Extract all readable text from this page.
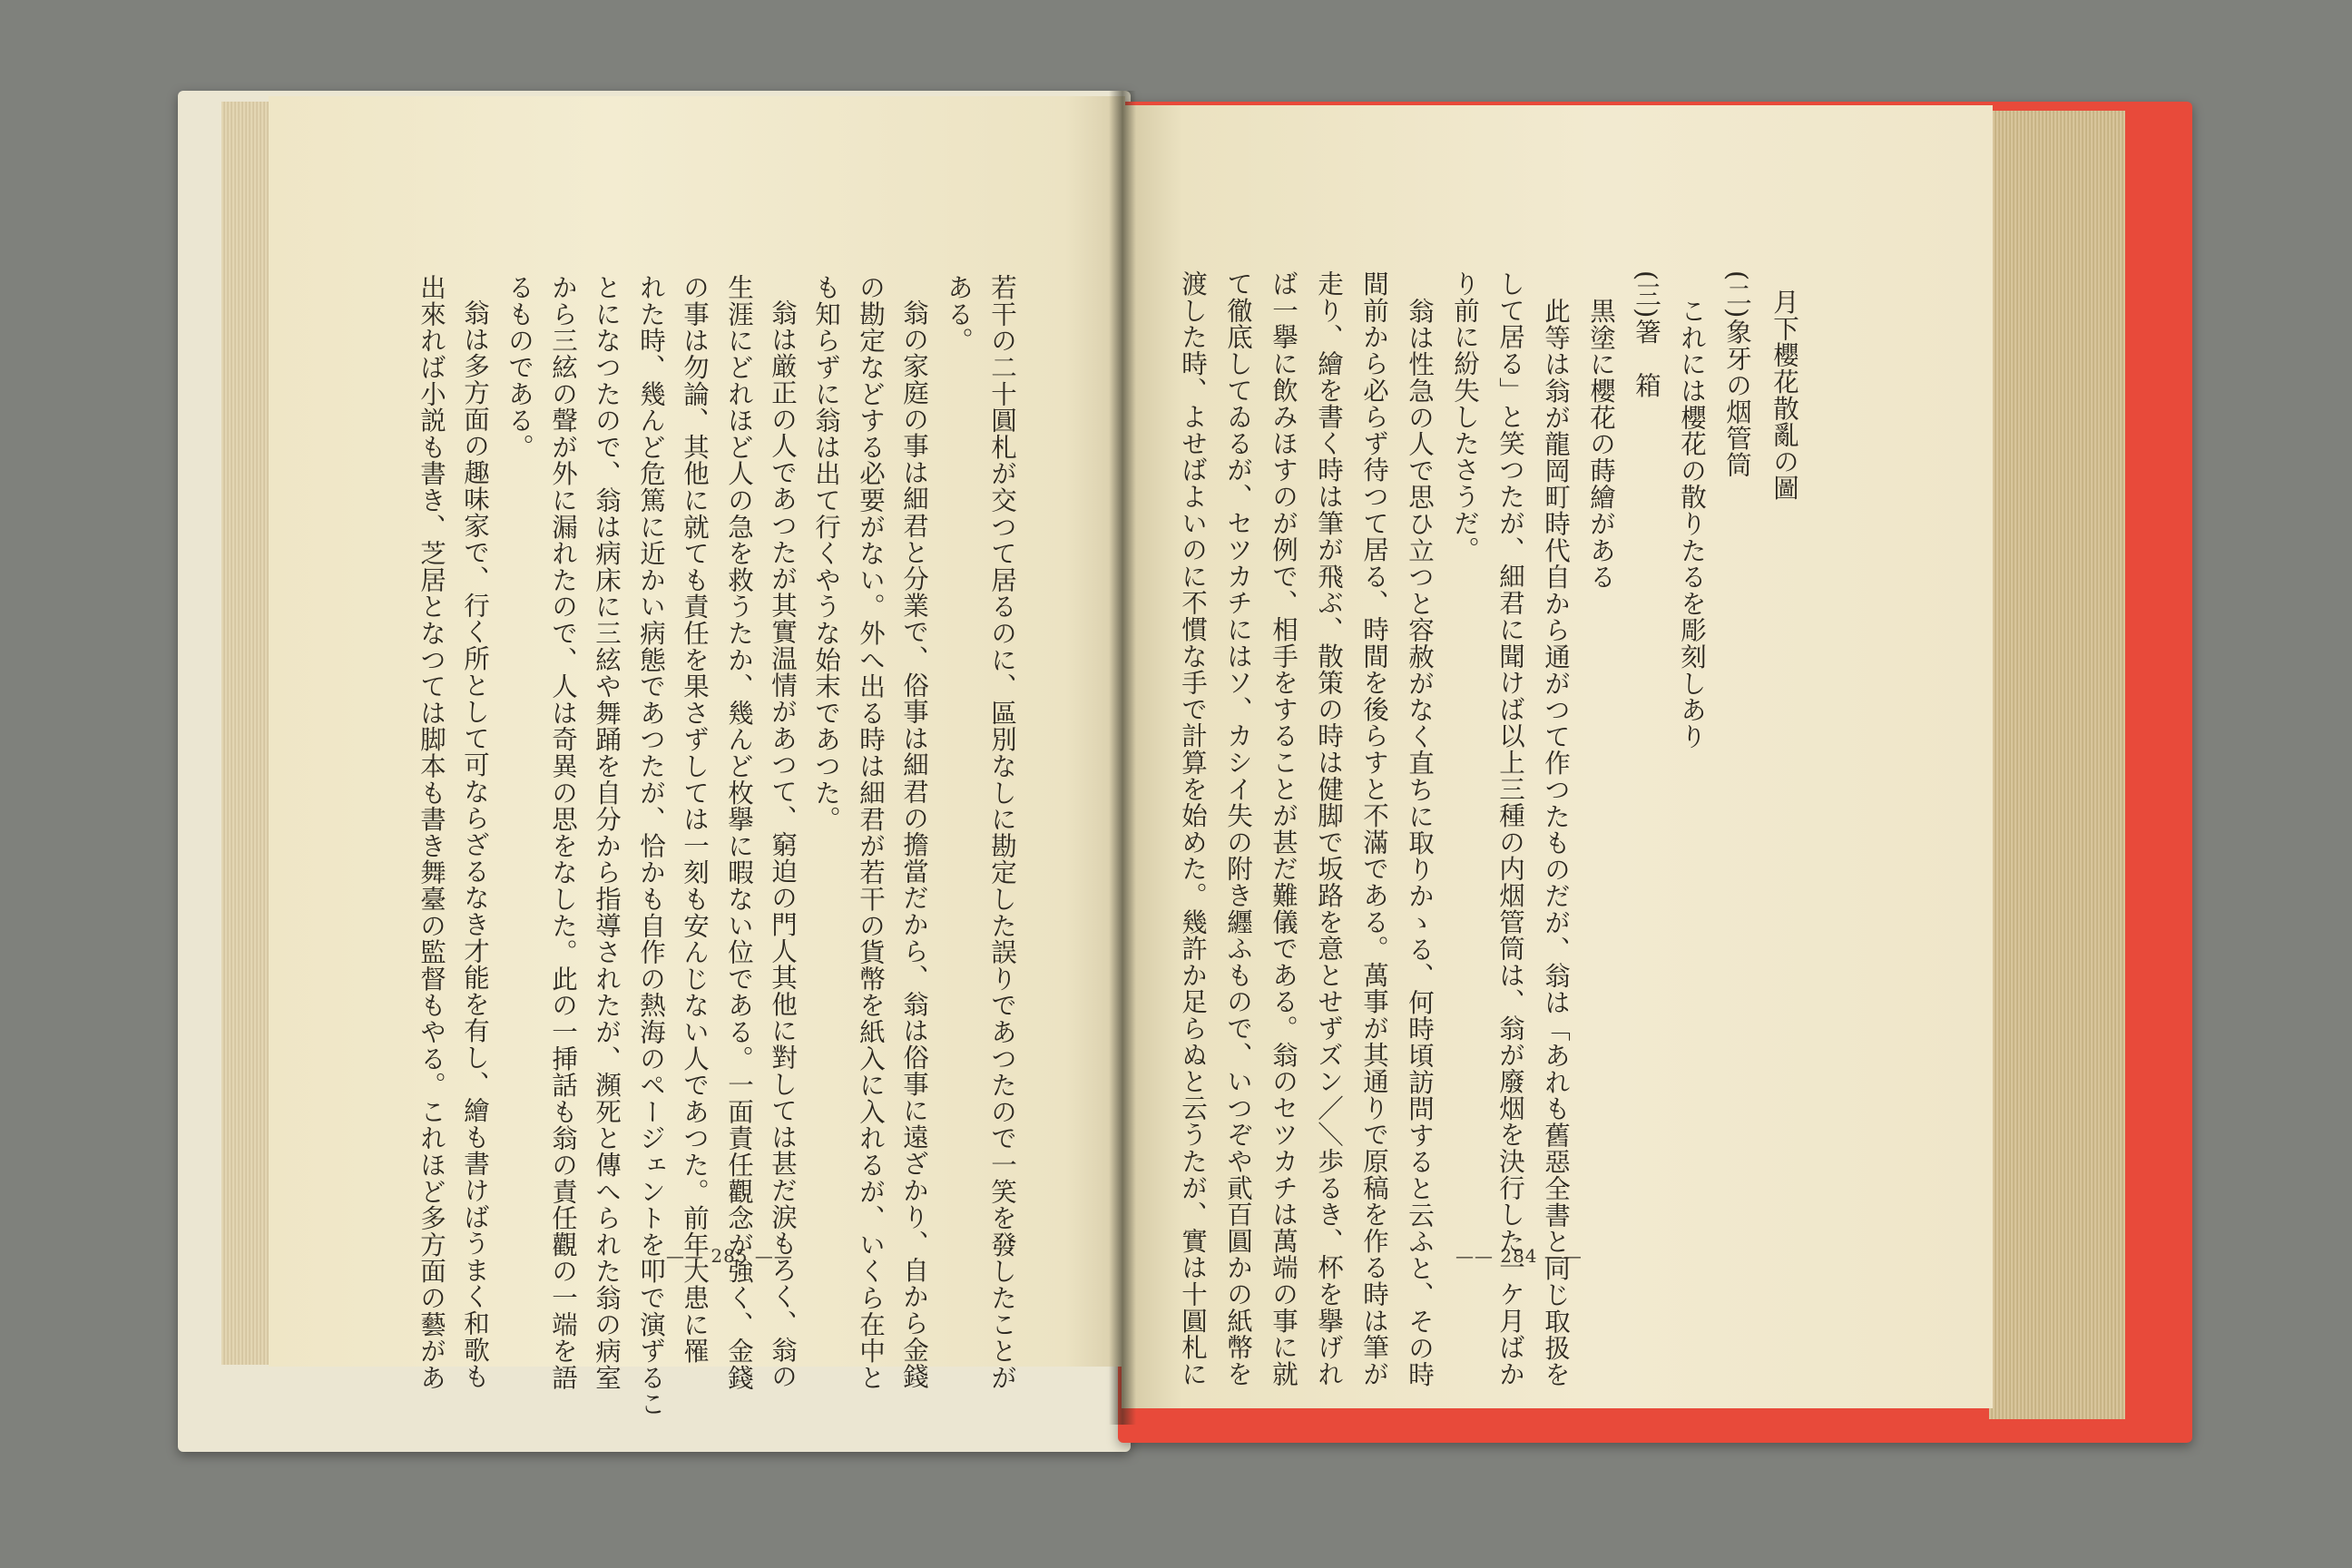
若干の二十圓札が交つて居るのに、區別なしに勘定した誤りであつたので一笑を發したことが
ある。
翁の家庭の事は細君と分業で、俗事は細君の擔當だから、翁は俗事に遠ざかり、自から金錢
の勘定などする必要がない。外へ出る時は細君が若干の貨幣を紙入に入れるが、いくら在中と
も知らずに翁は出て行くやうな始末であつた。
翁は厳正の人であつたが其實温情があつて、窮迫の門人其他に對しては甚だ涙もろく、翁の
生涯にどれほど人の急を救うたか、幾んど枚擧に暇ない位である。一面責任觀念が強く、金錢
の事は勿論、其他に就ても責任を果さずしては一刻も安んじない人であつた。前年大患に罹
れた時、幾んど危篤に近かい病態であつたが、恰かも自作の熱海のページェントを叩で演ずるこ
とになつたので、翁は病床に三絃や舞踊を自分から指導されたが、瀕死と傳へられた翁の病室
から三絃の聲が外に漏れたので、人は奇異の思をなした。此の一挿話も翁の責任觀の一端を語
るものである。
翁は多方面の趣味家で、行く所として可ならざるなき才能を有し、繪も書けばうまく和歌も
出來れば小説も書き、芝居となつては脚本も書き舞臺の監督もやる。これほど多方面の藝があ	—— 285 ——
月下櫻花散亂の圖
(二)象牙の烟管筒
これには櫻花の散りたるを彫刻しあり
(三)箸　箱
黒塗に櫻花の蒔繪がある
此等は翁が龍岡町時代自から通がつて作つたものだが、翁は「あれも舊惡全書と同じ取扱を
して居る」と笑つたが、細君に聞けば以上三種の内烟管筒は、翁が廢烟を決行した一ケ月ばか
り前に紛失したさうだ。
翁は性急の人で思ひ立つと容赦がなく直ちに取りかゝる、何時頃訪問すると云ふと、その時
間前から必らず待つて居る、時間を後らすと不滿である。萬事が其通りで原稿を作る時は筆が
走り、繪を書く時は筆が飛ぶ、散策の時は健脚で坂路を意とせずズン／＼歩るき、杯を擧げれ
ば一擧に飲みほすのが例で、相手をすることが甚だ難儀である。翁のセツカチは萬端の事に就
て徹底してゐるが、セツカチにはソ、カシイ失の附き纒ふもので、いつぞや貮百圓かの紙幣を
渡した時、よせばよいのに不慣な手で計算を始めた。幾許か足らぬと云うたが、實は十圓札に	—— 284 ——
